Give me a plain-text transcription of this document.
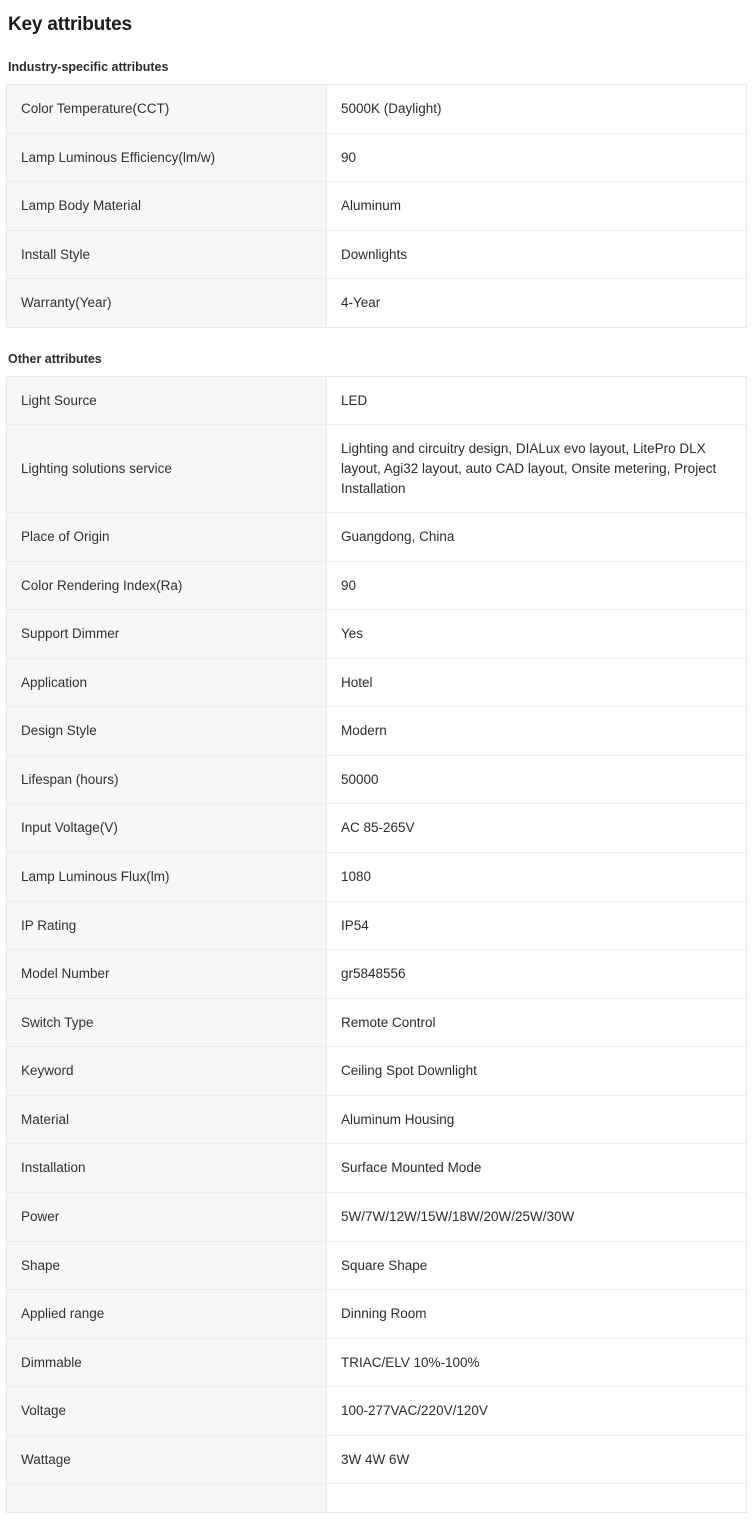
Key attributes
Industry-specific attributes
Color Temperature(CCT)	5000K (Daylight)
Lamp Luminous Efficiency(lm/w)	90
Lamp Body Material	Aluminum
Install Style	Downlights
Warranty(Year)	4-Year
Other attributes
Light Source	LED
Lighting solutions service	Lighting and circuitry design, DIALux evo layout, LitePro DLX layout, Agi32 layout, auto CAD layout, Onsite metering, Project Installation
Place of Origin	Guangdong, China
Color Rendering Index(Ra)	90
Support Dimmer	Yes
Application	Hotel
Design Style	Modern
Lifespan (hours)	50000
Input Voltage(V)	AC 85-265V
Lamp Luminous Flux(lm)	1080
IP Rating	IP54
Model Number	gr5848556
Switch Type	Remote Control
Keyword	Ceiling Spot Downlight
Material	Aluminum Housing
Installation	Surface Mounted Mode
Power	5W/7W/12W/15W/18W/20W/25W/30W
Shape	Square Shape
Applied range	Dinning Room
Dimmable	TRIAC/ELV 10%-100%
Voltage	100-277VAC/220V/120V
Wattage	3W 4W 6W
